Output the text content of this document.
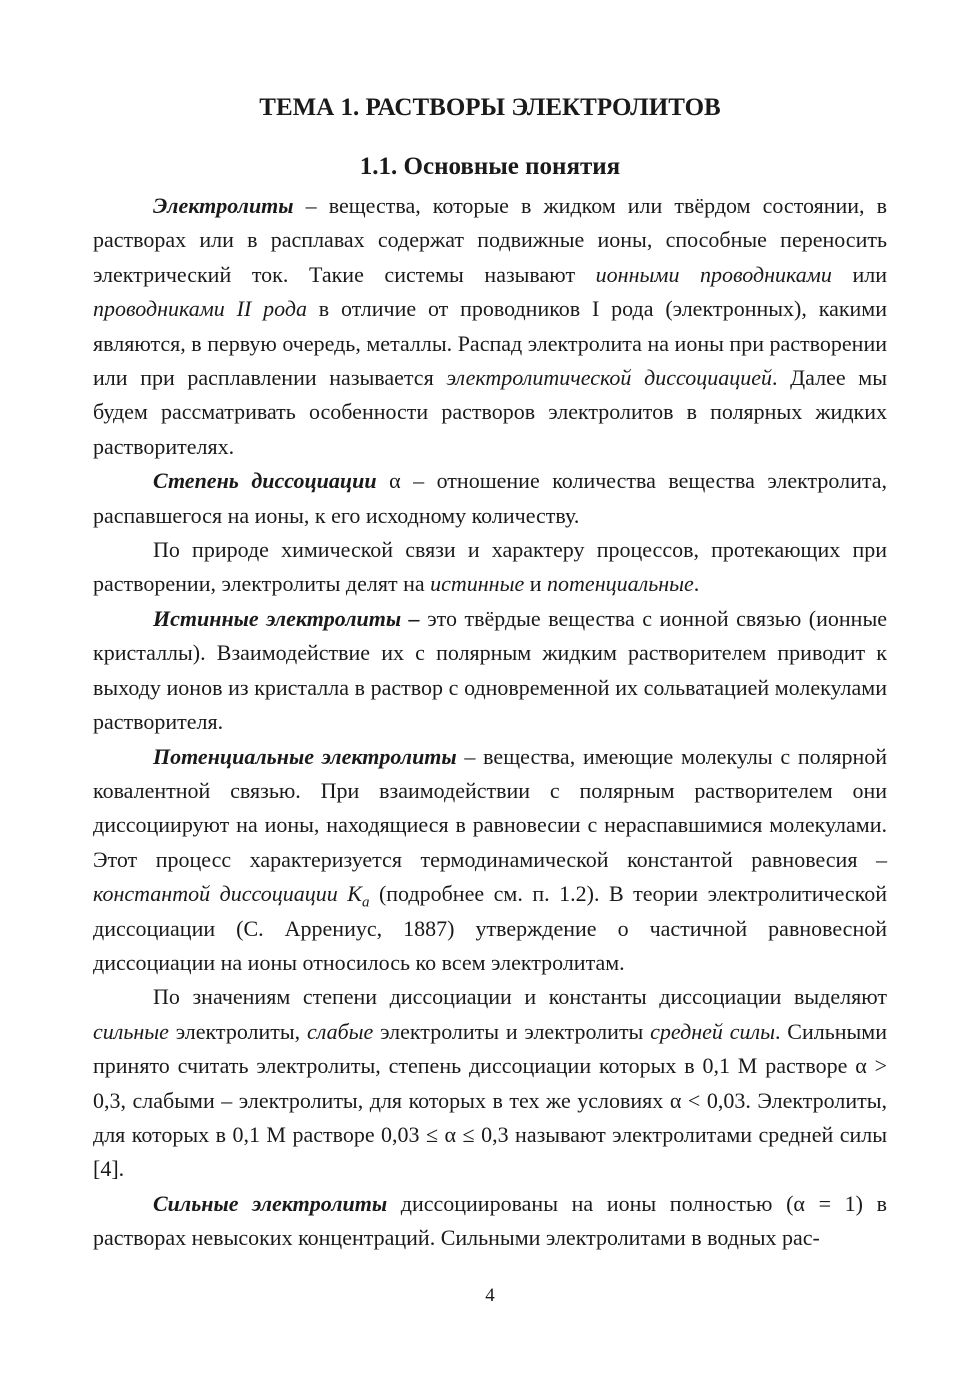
ТЕМА 1. РАСТВОРЫ ЭЛЕКТРОЛИТОВ
1.1. Основные понятия

Электролиты – вещества, которые в жидком или твёрдом состоянии, в растворах или в расплавах содержат подвижные ионы, способные переносить электрический ток. Такие системы называют ионными проводниками или проводниками II рода в отличие от проводников I рода (электронных), какими являются, в первую очередь, металлы. Распад электролита на ионы при растворении или при расплавлении называется электролитической диссоциацией. Далее мы будем рассматривать особенности растворов электролитов в полярных жидких растворителях.

Степень диссоциации α – отношение количества вещества электролита, распавшегося на ионы, к его исходному количеству.

По природе химической связи и характеру процессов, протекающих при растворении, электролиты делят на истинные и потенциальные.

Истинные электролиты – это твёрдые вещества с ионной связью (ионные кристаллы). Взаимодействие их с полярным жидким растворителем приводит к выходу ионов из кристалла в раствор с одновременной их сольватацией молекулами растворителя.

Потенциальные электролиты – вещества, имеющие молекулы с полярной ковалентной связью. При взаимодействии с полярным растворителем они диссоциируют на ионы, находящиеся в равновесии с нераспавшимися молекулами. Этот процесс характеризуется термодинамической константой равновесия – константой диссоциации $K_a$ (подробнее см. п. 1.2). В теории электролитической диссоциации (С. Аррениус, 1887) утверждение о частичной равновесной диссоциации на ионы относилось ко всем электролитам.

По значениям степени диссоциации и константы диссоциации выделяют сильные электролиты, слабые электролиты и электролиты средней силы. Сильными принято считать электролиты, степень диссоциации которых в 0,1 М растворе α > 0,3, слабыми – электролиты, для которых в тех же условиях α < 0,03. Электролиты, для которых в 0,1 М растворе 0,03 ≤ α ≤ 0,3 называют электролитами средней силы [4].

Сильные электролиты диссоциированы на ионы полностью (α = 1) в растворах невысоких концентраций. Сильными электролитами в водных рас-

4
